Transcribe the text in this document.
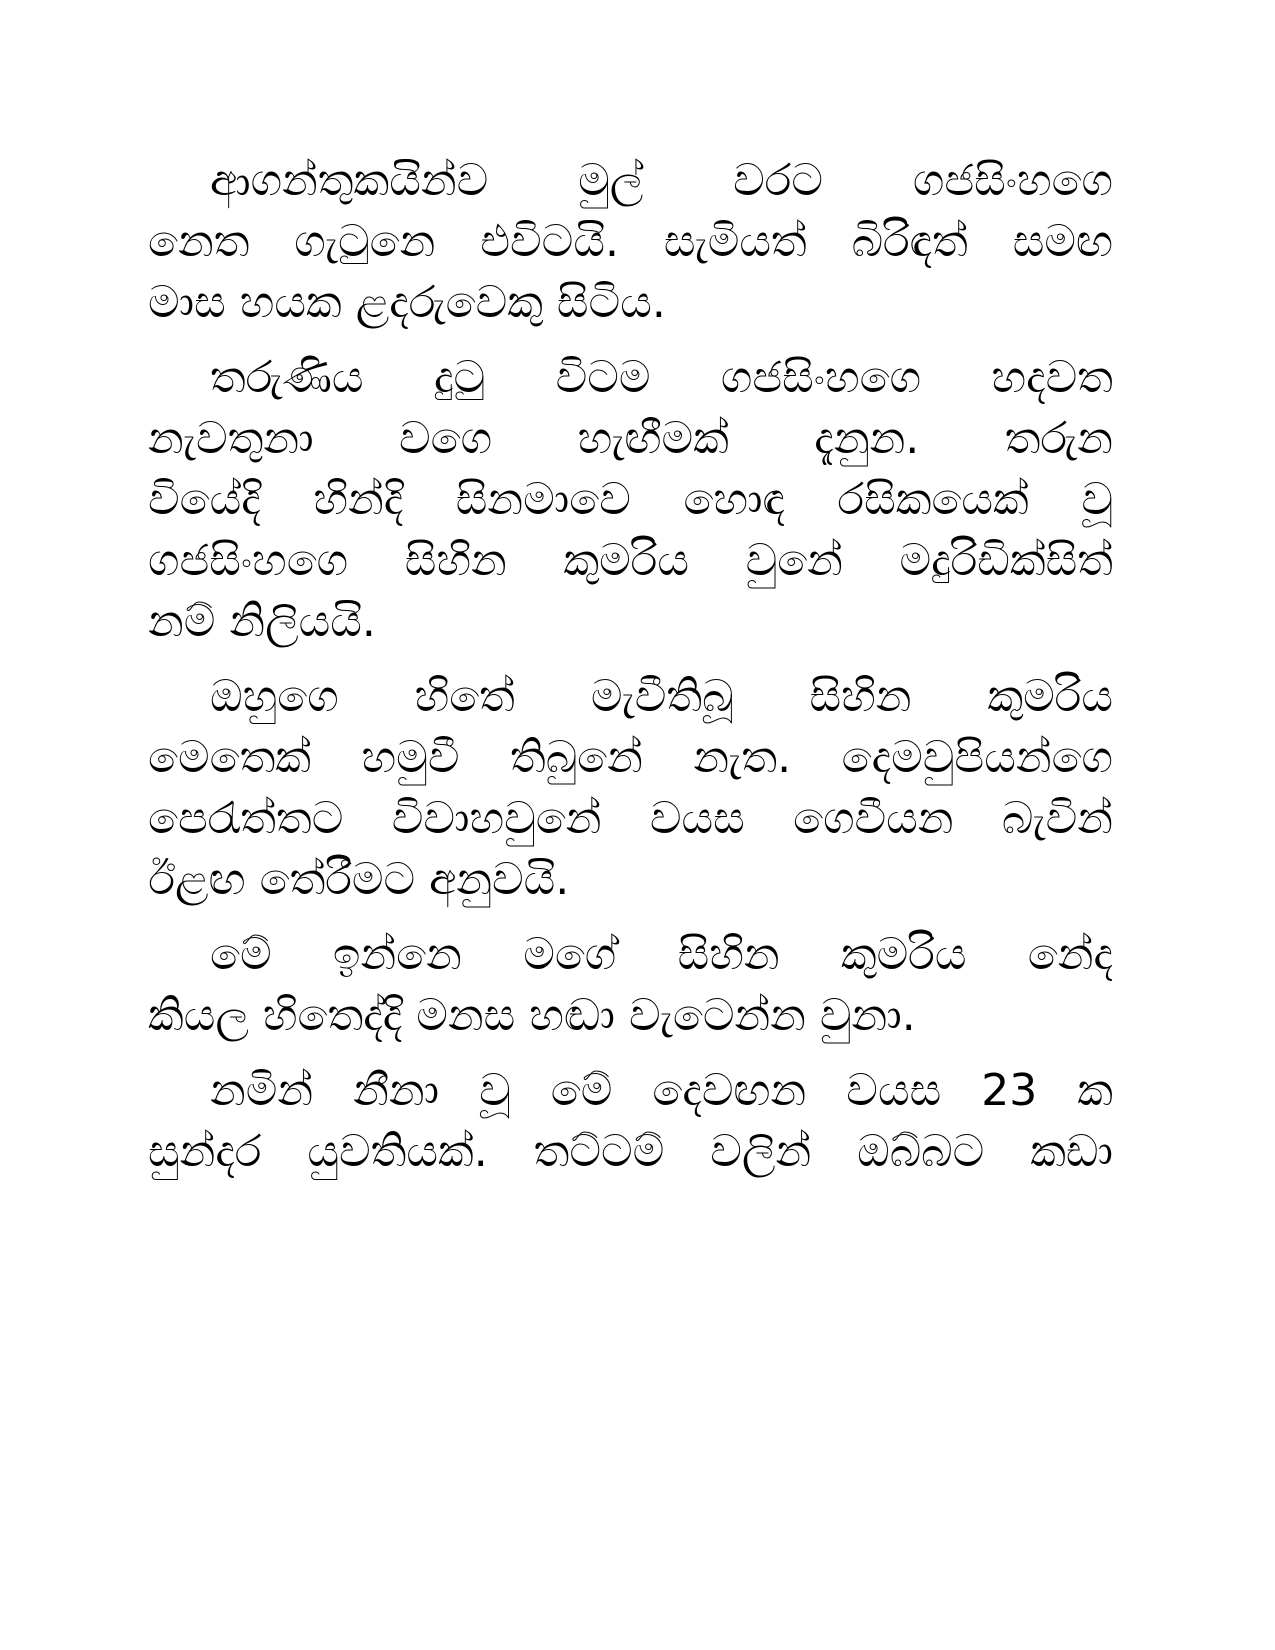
ආගන්තුකයින්ව මුල් වරට ගජසිංහගෙ
නෙත ගැටුනෙ එවිටයි. සැමියත් බිරිඳත් සමඟ
මාස හයක ළදරුවෙකු සිටිය.
තරුණිය දුටු විටම ගජසිංහගෙ හදවත
නැවතුනා වගෙ හැඟීමක් දැනුන. තරුන
වියේදි හින්දි සිනමාවෙ හොඳ රසිකයෙක් වූ
ගජසිංහගෙ සිහින කුමරිය වුනේ මදුරිඩික්සිත්
නම් නිලියයි.
ඔහුගෙ හිතේ මැවීතිබූ සිහින කුමරිය
මෙතෙක් හමුවී තිබුනේ නැත. දෙමවුපියන්ගෙ
පෙරැත්තට විවාහවුනේ වයස ගෙවීයන බැවින්
ඊළඟ තේරීමට අනුවයි.
මේ ඉන්නෙ මගේ සිහින කුමරිය නේද
කියල හිතෙද්දි මනස හඬා වැටෙන්න වුනා.
නමින් නීනා වූ මේ දෙවඟන වයස 23 ක
සුන්දර යුවතියක්. තට්ටම් වලින් ඔබ්බට කඩා
